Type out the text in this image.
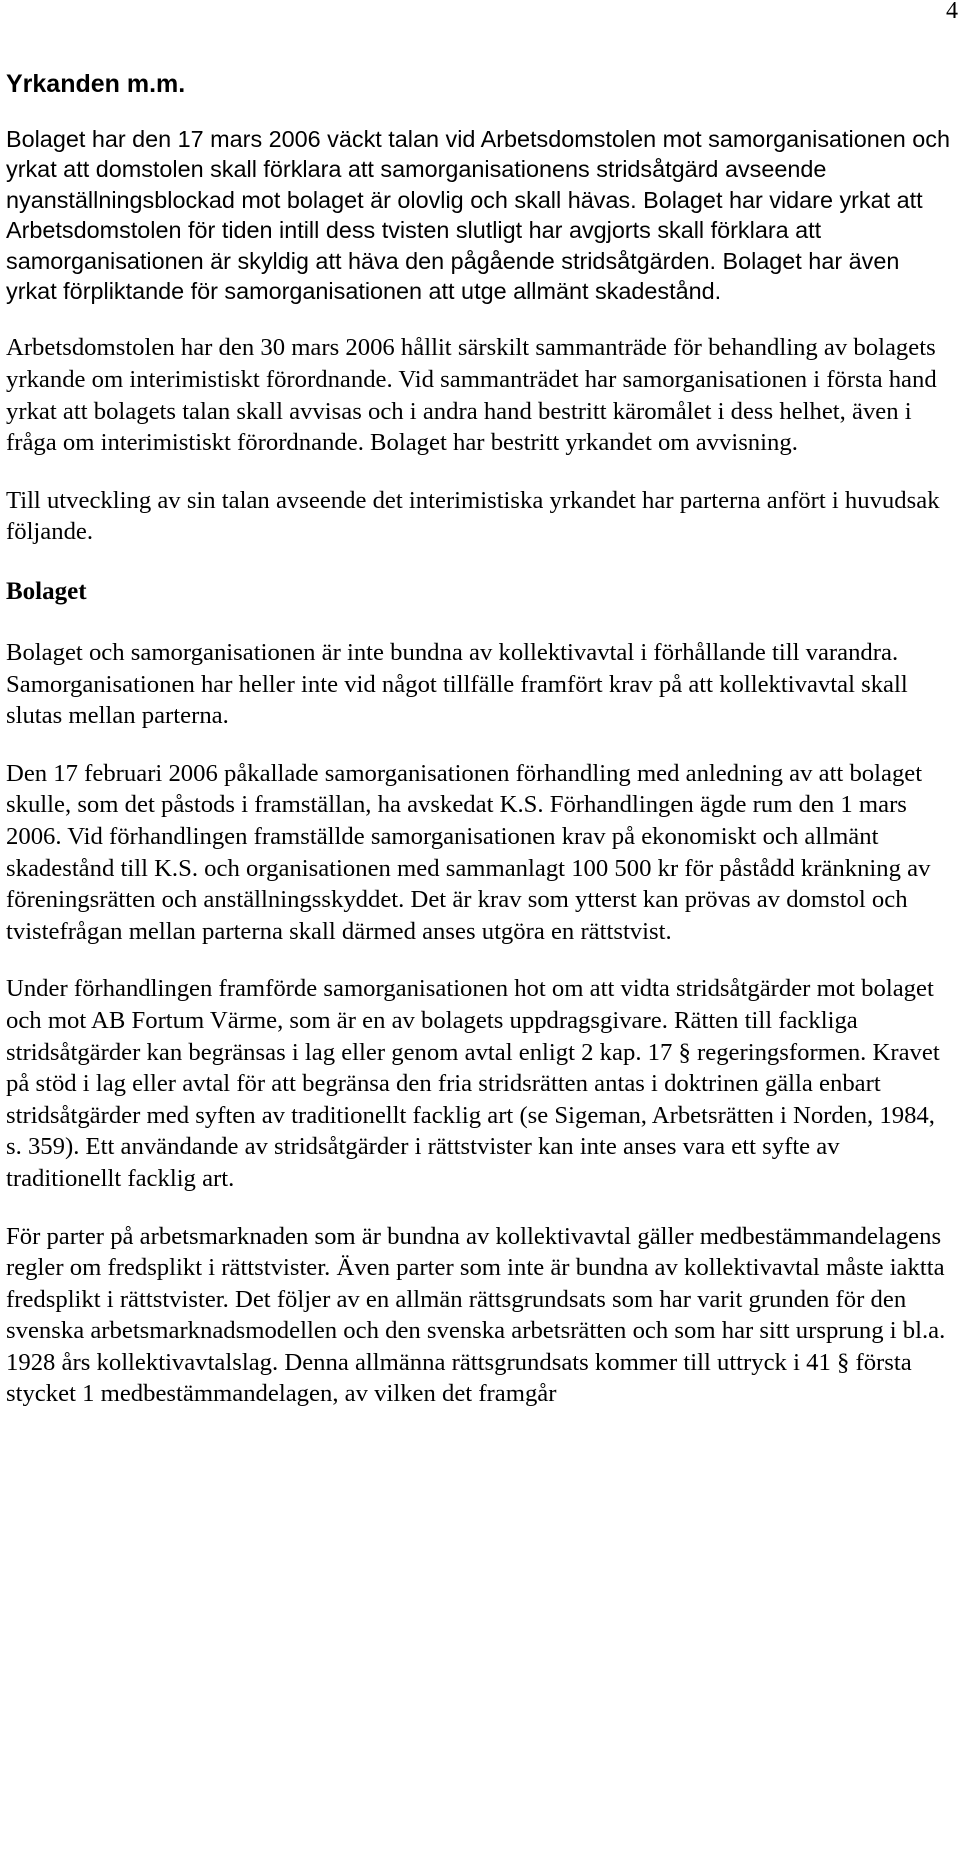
4
Yrkanden m.m.

Bolaget har den 17 mars 2006 väckt talan vid Arbetsdomstolen mot samorganisationen och yrkat att domstolen skall förklara att samorganisationens stridsåtgärd avseende nyanställningsblockad mot bolaget är olovlig och skall hävas. Bolaget har vidare yrkat att Arbetsdomstolen för tiden intill dess tvisten slutligt har avgjorts skall förklara att samorganisationen är skyldig att häva den pågående stridsåtgärden. Bolaget har även yrkat förpliktande för samorganisationen att utge allmänt skadestånd.

Arbetsdomstolen har den 30 mars 2006 hållit särskilt sammanträde för behandling av bolagets yrkande om interimistiskt förordnande. Vid sammanträdet har samorganisationen i första hand yrkat att bolagets talan skall avvisas och i andra hand bestritt käromålet i dess helhet, även i fråga om interimistiskt förordnande. Bolaget har bestritt yrkandet om avvisning.

Till utveckling av sin talan avseende det interimistiska yrkandet har parterna anfört i huvudsak följande.

Bolaget

Bolaget och samorganisationen är inte bundna av kollektivavtal i förhållande till varandra. Samorganisationen har heller inte vid något tillfälle framfört krav på att kollektivavtal skall slutas mellan parterna.

Den 17 februari 2006 påkallade samorganisationen förhandling med anledning av att bolaget skulle, som det påstods i framställan, ha avskedat K.S. Förhandlingen ägde rum den 1 mars 2006. Vid förhandlingen framställde samorganisationen krav på ekonomiskt och allmänt skadestånd till K.S. och organisationen med sammanlagt 100 500 kr för påstådd kränkning av föreningsrätten och anställningsskyddet. Det är krav som ytterst kan prövas av domstol och tvistefrågan mellan parterna skall därmed anses utgöra en rättstvist.

Under förhandlingen framförde samorganisationen hot om att vidta stridsåtgärder mot bolaget och mot AB Fortum Värme, som är en av bolagets uppdragsgivare. Rätten till fackliga stridsåtgärder kan begränsas i lag eller genom avtal enligt 2 kap. 17 § regeringsformen. Kravet på stöd i lag eller avtal för att begränsa den fria stridsrätten antas i doktrinen gälla enbart stridsåtgärder med syften av traditionellt facklig art (se Sigeman, Arbetsrätten i Norden, 1984, s. 359). Ett användande av stridsåtgärder i rättstvister kan inte anses vara ett syfte av traditionellt facklig art.

För parter på arbetsmarknaden som är bundna av kollektivavtal gäller medbestämmandelagens regler om fredsplikt i rättstvister. Även parter som inte är bundna av kollektivavtal måste iaktta fredsplikt i rättstvister. Det följer av en allmän rättsgrundsats som har varit grunden för den svenska arbetsmarknadsmodellen och den svenska arbetsrätten och som har sitt ursprung i bl.a. 1928 års kollektivavtalslag. Denna allmänna rättsgrundsats kommer till uttryck i 41 § första stycket 1 medbestämmandelagen, av vilken det framgår
